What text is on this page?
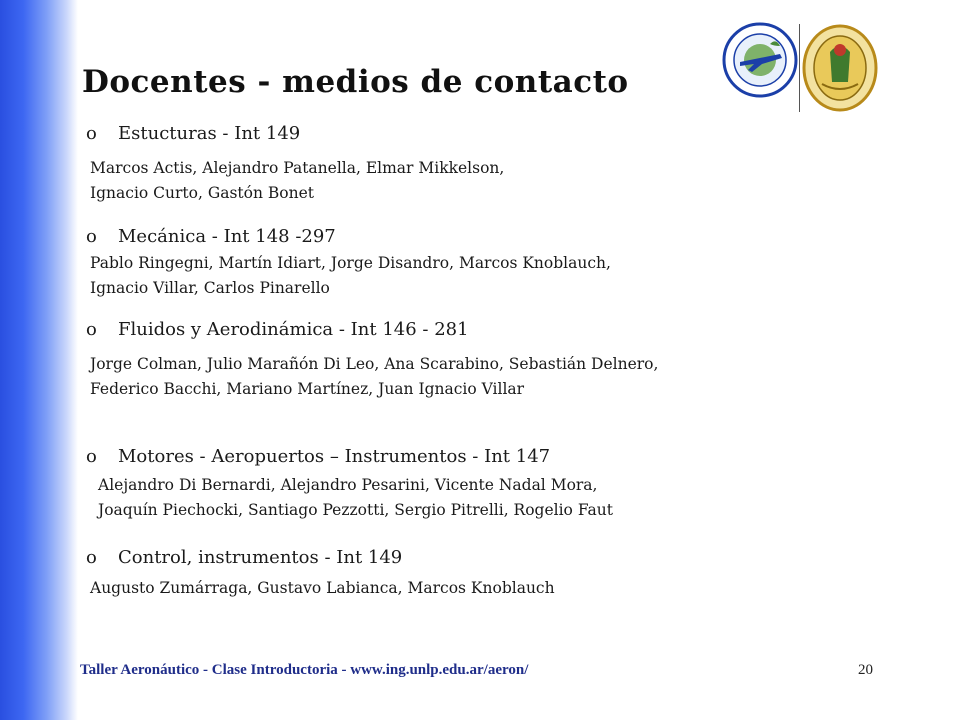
Docentes - medios de contacto
o Estucturas - Int 149
Marcos Actis, Alejandro Patanella, Elmar Mikkelson,
Ignacio Curto, Gastón Bonet
o Mecánica - Int 148 -297
Pablo Ringegni, Martín Idiart, Jorge Disandro, Marcos Knoblauch,
Ignacio Villar, Carlos Pinarello
o Fluidos y Aerodinámica - Int 146 - 281
Jorge Colman, Julio Marañón Di Leo, Ana Scarabino, Sebastián Delnero,
Federico Bacchi, Mariano Martínez, Juan Ignacio Villar
o Motores - Aeropuertos – Instrumentos - Int 147
Alejandro Di Bernardi, Alejandro Pesarini, Vicente Nadal Mora,
Joaquín Piechocki, Santiago Pezzotti, Sergio Pitrelli, Rogelio Faut
o Control, instrumentos - Int 149
Augusto Zumárraga, Gustavo Labianca, Marcos Knoblauch
Taller Aeronáutico - Clase Introductoria - www.ing.unlp.edu.ar/aeron/	20
